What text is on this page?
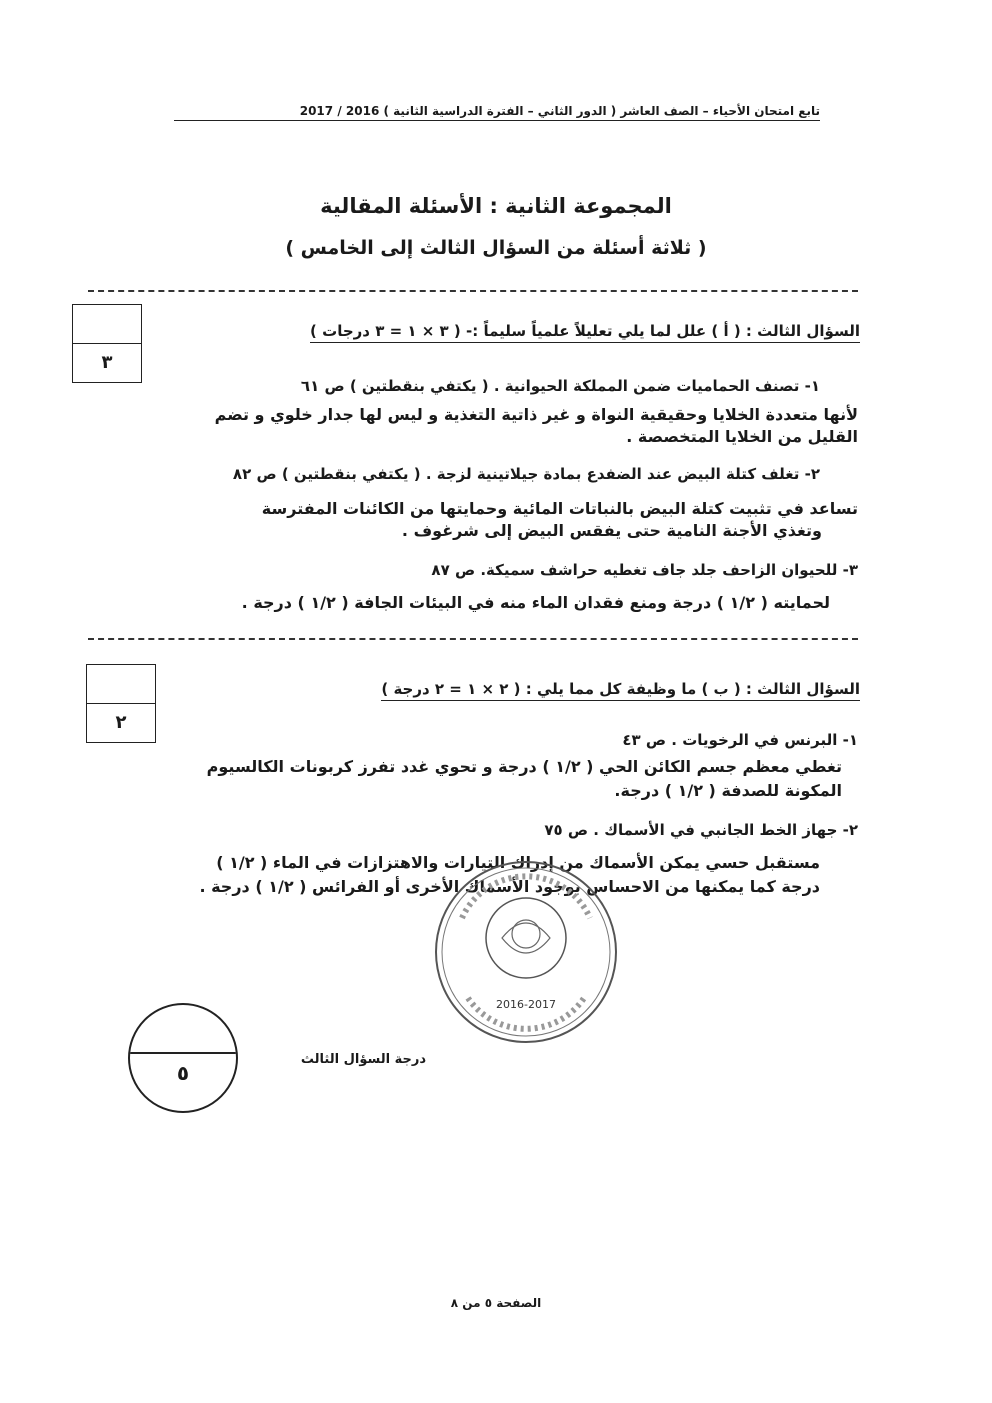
تابع امتحان الأحياء – الصف العاشر ( الدور الثاني – الفترة الدراسية الثانية ) 2016 / 2017
المجموعة الثانية : الأسئلة المقالية
( ثلاثة أسئلة من السؤال الثالث إلى الخامس )
٣
السؤال الثالث : ( أ ) علل لما يلي تعليلاً علمياً سليماً :- ( ٣ × ١ = ٣ درجات )
١- تصنف الحماميات ضمن المملكة الحيوانية . ( يكتفي بنقطتين ) ص ٦١
لأنها متعددة الخلايا وحقيقية النواة و غير ذاتية التغذية و ليس لها جدار خلوي و تضم
القليل من الخلايا المتخصصة .
٢- تغلف كتلة البيض عند الضفدع بمادة جيلاتينية لزجة . ( يكتفي بنقطتين ) ص ٨٢
تساعد في تثبيت كتلة البيض بالنباتات المائية وحمايتها من الكائنات المفترسة
وتغذي الأجنة النامية حتى يفقس البيض إلى شرغوف .
٣- للحيوان الزاحف جلد جاف تغطيه حراشف سميكة. ص ٨٧
لحمايته ( ١/٢ ) درجة ومنع فقدان الماء منه في البيئات الجافة ( ١/٢ ) درجة .
٢
السؤال الثالث : ( ب ) ما وظيفة كل مما يلي : ( ٢ × ١ = ٢ درجة )
١- البرنس في الرخويات . ص ٤٣
تغطي معظم جسم الكائن الحي ( ١/٢ ) درجة و تحوي غدد تفرز كربونات الكالسيوم
المكونة للصدفة ( ١/٢ ) درجة.
٢- جهاز الخط الجانبي في الأسماك . ص ٧٥
مستقبل حسي يمكن الأسماك من إدراك التيارات والاهتزازات في الماء ( ١/٢ )
درجة كما يمكنها من الاحساس بوجود الأسماك الأخرى أو الفرائس ( ١/٢ ) درجة .
2016-2017
٥
درجة السؤال الثالث
الصفحة ٥ من ٨
